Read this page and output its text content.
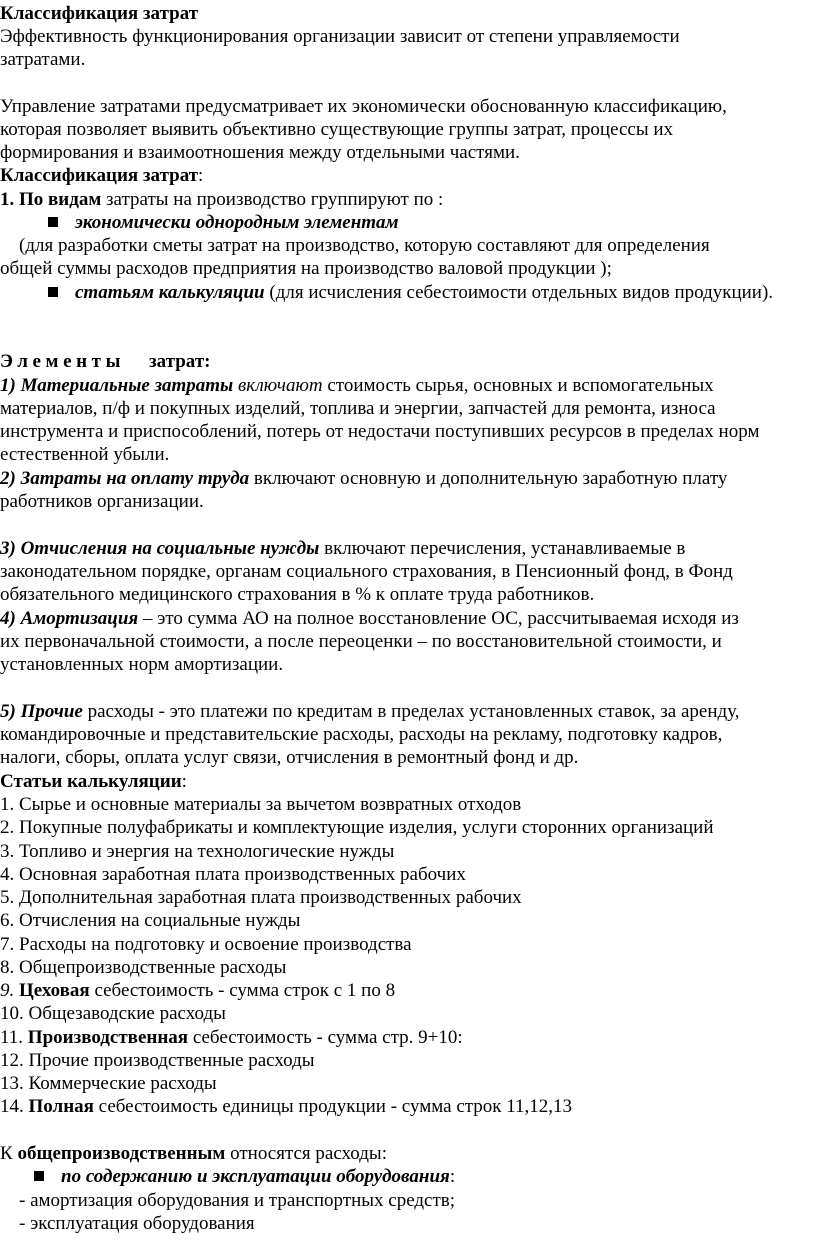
Классификация затрат
Эффективность функционирования организации зависит от степени управляемости
затратами.
Управление затратами предусматривает их экономически обоснованную классификацию,
которая позволяет выявить объективно существующие группы затрат, процессы их
формирования и взаимоотношения между отдельными частями.
Классификация затрат:
1. По видам затраты на производство группируют по :
экономически однородным элементам
(для разработки сметы затрат на производство, которую составляют для определения
общей суммы расходов предприятия на производство валовой продукции );
статьям калькуляции (для исчисления себестоимости отдельных видов продукции).
Элементы затрат:
1) Материальные затраты включают стоимость сырья, основных и вспомогательных
материалов, п/ф и покупных изделий, топлива и энергии, запчастей для ремонта, износа
инструмента и приспособлений, потерь от недостачи поступивших ресурсов в пределах норм
естественной убыли.
2) Затраты на оплату труда включают основную и дополнительную заработную плату
работников организации.
3) Отчисления на социальные нужды включают перечисления, устанавливаемые в
законодательном порядке, органам социального страхования, в Пенсионный фонд, в Фонд
обязательного медицинского страхования в % к оплате труда работников.
4) Амортизация – это сумма АО на полное восстановление ОС, рассчитываемая исходя из
их первоначальной стоимости, а после переоценки – по восстановительной стоимости, и
установленных норм амортизации.
5) Прочие расходы - это платежи по кредитам в пределах установленных ставок, за аренду,
командировочные и представительские расходы, расходы на рекламу, подготовку кадров,
налоги, сборы, оплата услуг связи, отчисления в ремонтный фонд и др.
Статьи калькуляции:
1. Сырье и основные материалы за вычетом возвратных отходов
2. Покупные полуфабрикаты и комплектующие изделия, услуги сторонних организаций
3. Топливо и энергия на технологические нужды
4. Основная заработная плата производственных рабочих
5. Дополнительная заработная плата производственных рабочих
6. Отчисления на социальные нужды
7. Расходы на подготовку и освоение производства
8. Общепроизводственные расходы
9. Цеховая себестоимость - сумма строк с 1 по 8
10. Общезаводские расходы
11. Производственная себестоимость - сумма стр. 9+10:
12. Прочие производственные расходы
13. Коммерческие расходы
14. Полная себестоимость единицы продукции - сумма строк 11,12,13
К общепроизводственным относятся расходы:
по содержанию и эксплуатации оборудования:
- амортизация оборудования и транспортных средств;
- эксплуатация оборудования
